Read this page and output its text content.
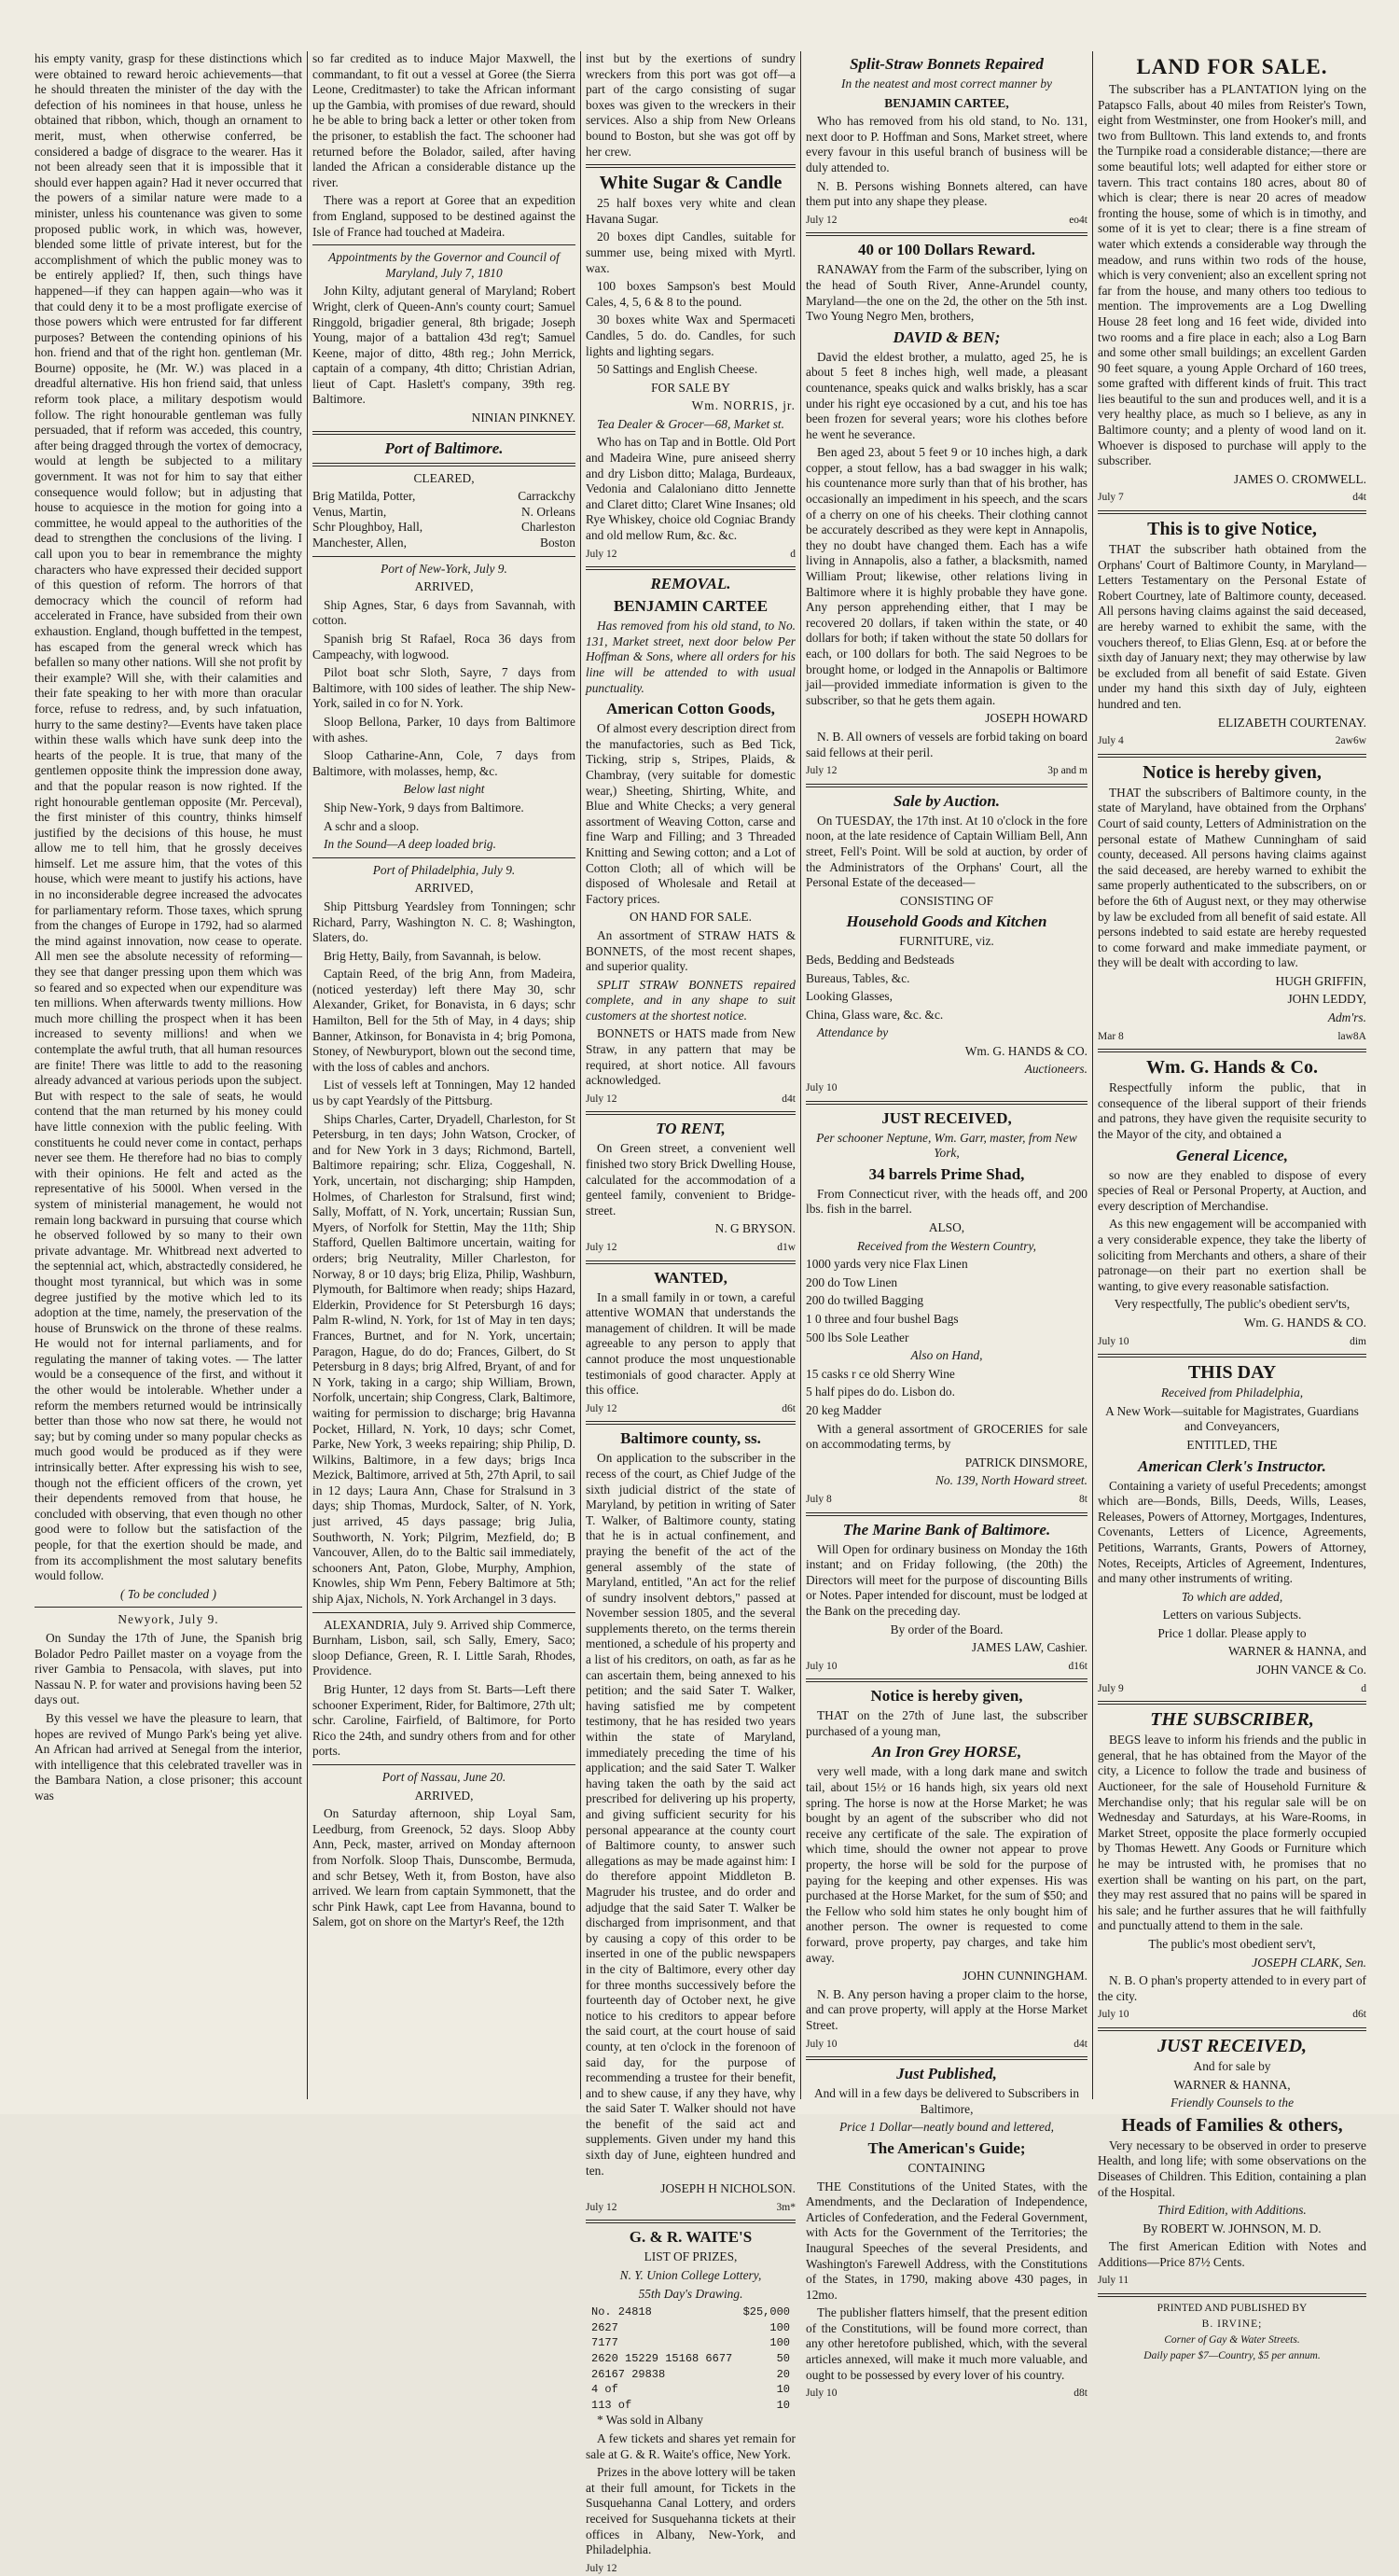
his empty vanity, grasp for these distinctions which were obtained to reward heroic achievements—that he should threaten the minister of the day with the defection of his nominees in that house, unless he obtained that ribbon, which, though an ornament to merit, must, when otherwise conferred, be considered a badge of disgrace to the wearer. Has it not been already seen that it is impossible that it should ever happen again? Had it never occurred that the powers of a similar nature were made to a minister, unless his countenance was given to some proposed public work, in which was, however, blended some little of private interest, but for the accomplishment of which the public money was to be entirely applied? If, then, such things have happened—if they can happen again—who was it that could deny it to be a most profligate exercise of those powers which were entrusted for far different purposes? Between the contending opinions of his hon. friend and that of the right hon. gentleman (Mr. Bourne) opposite, he (Mr. W.) was placed in a dreadful alternative. His hon friend said, that unless reform took place, a military despotism would follow. The right honourable gentleman was fully persuaded, that if reform was acceded, this country, after being dragged through the vortex of democracy, would at length be subjected to a military government. It was not for him to say that either consequence would follow; but in adjusting that house to acquiesce in the motion for going into a committee, he would appeal to the authorities of the dead to strengthen the conclusions of the living. I call upon you to bear in remembrance the mighty characters who have expressed their decided support of this question of reform. The horrors of that democracy which the council of reform had accelerated in France, have subsided from their own exhaustion. England, though buffetted in the tempest, has escaped from the general wreck which has befallen so many other nations. Will she not profit by their example? Will she, with their calamities and their fate speaking to her with more than oracular force, refuse to redress, and, by such infatuation, hurry to the same destiny?—Events have taken place within these walls which have sunk deep into the hearts of the people. It is true, that many of the gentlemen opposite think the impression done away, and that the popular reason is now righted. If the right honourable gentleman opposite (Mr. Perceval), the first minister of this country, thinks himself justified by the decisions of this house, he must allow me to tell him, that he grossly deceives himself. Let me assure him, that the votes of this house, which were meant to justify his actions, have in no inconsiderable degree increased the advocates for parliamentary reform. Those taxes, which sprung from the changes of Europe in 1792, had so alarmed the mind against innovation, now cease to operate. All men see the absolute necessity of reforming—they see that danger pressing upon them which was so feared and so expected when our expenditure was ten millions. When afterwards twenty millions. How much more chilling the prospect when it has been increased to seventy millions! and when we contemplate the awful truth, that all human resources are finite! There was little to add to the reasoning already advanced at various periods upon the subject. But with respect to the sale of seats, he would contend that the man returned by his money could have little connexion with the public feeling. With constituents he could never come in contact, perhaps never see them. He therefore had no bias to comply with their opinions. He felt and acted as the representative of his 5000l. When versed in the system of ministerial management, he would not remain long backward in pursuing that course which he observed followed by so many to their own private advantage. Mr. Whitbread next adverted to the septennial act, which, abstractedly considered, he thought most tyrannical, but which was in some degree justified by the motive which led to its adoption at the time, namely, the preservation of the house of Brunswick on the throne of these realms. He would not for internal parliaments, and for regulating the manner of taking votes. — The latter would be a consequence of the first, and without it the other would be intolerable. Whether under a reform the members returned would be intrinsically better than those who now sat there, he would not say; but by coming under so many popular checks as much good would be produced as if they were intrinsically better. After expressing his wish to see, though not the efficient officers of the crown, yet their dependents removed from that house, he concluded with observing, that even though no other good were to follow but the satisfaction of the people, for that the exertion should be made, and from its accomplishment the most salutary benefits would follow.

( To be concluded )

Newyork, July 9.

On Sunday the 17th of June, the Spanish brig Bolador Pedro Paillet master on a voyage from the river Gambia to Pensacola, with slaves, put into Nassau N. P. for water and provisions having been 52 days out.

By this vessel we have the pleasure to learn, that hopes are revived of Mungo Park's being yet alive. An African had arrived at Senegal from the interior, with intelligence that this celebrated traveller was in the Bambara Nation, a close prisoner; this account was

so far credited as to induce Major Maxwell, the commandant, to fit out a vessel at Goree (the Sierra Leone, Creditmaster) to take the African informant up the Gambia, with promises of due reward, should he be able to bring back a letter or other token from the prisoner, to establish the fact. The schooner had returned before the Bolador, sailed, after having landed the African a considerable distance up the river.

There was a report at Goree that an expedition from England, supposed to be destined against the Isle of France had touched at Madeira.

Appointments by the Governor and Council of Maryland, July 7, 1810

John Kilty, adjutant general of Maryland; Robert Wright, clerk of Queen-Ann's county court; Samuel Ringgold, brigadier general, 8th brigade; Joseph Young, major of a battalion 43d reg't; Samuel Keene, major of ditto, 48th reg.; John Merrick, captain of a company, 4th ditto; Christian Adrian, lieut of Capt. Haslett's company, 39th reg. Baltimore.

NINIAN PINKNEY.

Port of Baltimore.

CLEARED,

Brig Matilda, Potter,	Carrackchy
Venus, Martin,	N. Orleans
Schr Ploughboy, Hall,	Charleston
Manchester, Allen,	Boston

Port of New-York, July 9.

ARRIVED,

Ship Agnes, Star, 6 days from Savannah, with cotton.

Spanish brig St Rafael, Roca 36 days from Campeachy, with logwood.

Pilot boat schr Sloth, Sayre, 7 days from Baltimore, with 100 sides of leather. The ship New-York, sailed in co for N. York.

Sloop Bellona, Parker, 10 days from Baltimore with ashes.

Sloop Catharine-Ann, Cole, 7 days from Baltimore, with molasses, hemp, &c.

Below last night

Ship New-York, 9 days from Baltimore.

A schr and a sloop.

In the Sound—A deep loaded brig.

Port of Philadelphia, July 9.

ARRIVED,

Ship Pittsburg Yeardsley from Tonningen; schr Richard, Parry, Washington N. C. 8; Washington, Slaters, do.

Brig Hetty, Baily, from Savannah, is below.

Captain Reed, of the brig Ann, from Madeira, (noticed yesterday) left there May 30, schr Alexander, Griket, for Bonavista, in 6 days; schr Hamilton, Bell for the 5th of May, in 4 days; ship Banner, Atkinson, for Bonavista in 4; brig Pomona, Stoney, of Newburyport, blown out the second time, with the loss of cables and anchors.

List of vessels left at Tonningen, May 12 handed us by capt Yeardsly of the Pittsburg.

Ships Charles, Carter, Dryadell, Charleston, for St Petersburg, in ten days; John Watson, Crocker, of and for New York in 3 days; Richmond, Bartell, Baltimore repairing; schr. Eliza, Coggeshall, N. York, uncertain, not discharging; ship Hampden, Holmes, of Charleston for Stralsund, first wind; Sally, Moffatt, of N. York, uncertain; Russian Sun, Myers, of Norfolk for Stettin, May the 11th; Ship Stafford, Quellen Baltimore uncertain, waiting for orders; brig Neutrality, Miller Charleston, for Norway, 8 or 10 days; brig Eliza, Philip, Washburn, Plymouth, for Baltimore when ready; ships Hazard, Elderkin, Providence for St Petersburgh 16 days; Palm R-wlind, N. York, for 1st of May in ten days; Frances, Burtnet, and for N. York, uncertain; Paragon, Hague, do do do; Frances, Gilbert, do St Petersburg in 8 days; brig Alfred, Bryant, of and for N York, taking in a cargo; ship William, Brown, Norfolk, uncertain; ship Congress, Clark, Baltimore, waiting for permission to discharge; brig Havanna Pocket, Hillard, N. York, 10 days; schr Comet, Parke, New York, 3 weeks repairing; ship Philip, D. Wilkins, Baltimore, in a few days; brigs Inca Mezick, Baltimore, arrived at 5th, 27th April, to sail in 12 days; Laura Ann, Chase for Stralsund in 3 days; ship Thomas, Murdock, Salter, of N. York, just arrived, 45 days passage; brig Julia, Southworth, N. York; Pilgrim, Mezfield, do; B Vancouver, Allen, do to the Baltic sail immediately, schooners Ant, Paton, Globe, Murphy, Amphion, Knowles, ship Wm Penn, Febery Baltimore at 5th; ship Ajax, Nichols, N. York Archangel in 3 days.

ALEXANDRIA, July 9. Arrived ship Commerce, Burnham, Lisbon, sail, sch Sally, Emery, Saco; sloop Defiance, Green, R. I. Little Sarah, Rhodes, Providence.

Brig Hunter, 12 days from St. Barts—Left there schooner Experiment, Rider, for Baltimore, 27th ult; schr. Caroline, Fairfield, of Baltimore, for Porto Rico the 24th, and sundry others from and for other ports.

Port of Nassau, June 20.

ARRIVED,

On Saturday afternoon, ship Loyal Sam, Leedburg, from Greenock, 52 days. Sloop Abby Ann, Peck, master, arrived on Monday afternoon from Norfolk. Sloop Thais, Dunscombe, Bermuda, and schr Betsey, Weth it, from Boston, have also arrived. We learn from captain Symmonett, that the schr Pink Hawk, capt Lee from Havanna, bound to Salem, got on shore on the Martyr's Reef, the 12th

inst but by the exertions of sundry wreckers from this port was got off—a part of the cargo consisting of sugar boxes was given to the wreckers in their services. Also a ship from New Orleans bound to Boston, but she was got off by her crew.

White Sugar & Candle

25 half boxes very white and clean Havana Sugar.

20 boxes dipt Candles, suitable for summer use, being mixed with Myrtl. wax.

100 boxes Sampson's best Mould Cales, 4, 5, 6 & 8 to the pound.

30 boxes white Wax and Spermaceti Candles, 5 do. do. Candles, for such lights and lighting segars.

50 Sattings and English Cheese.

FOR SALE BY

Wm. NORRIS, jr.

Tea Dealer & Grocer—68, Market st.

Who has on Tap and in Bottle. Old Port and Madeira Wine, pure aniseed sherry and dry Lisbon ditto; Malaga, Burdeaux, Vedonia and Calaloniano ditto Jennette and Claret ditto; Claret Wine Insanes; old Rye Whiskey, choice old Cogniac Brandy and old mellow Rum, &c. &c.

July 12	d

REMOVAL.

BENJAMIN CARTEE

Has removed from his old stand, to No. 131, Market street, next door below Per Hoffman & Sons, where all orders for his line will be attended to with usual punctuality.

American Cotton Goods,

Of almost every description direct from the manufactories, such as Bed Tick, Ticking, strip s, Stripes, Plaids, & Chambray, (very suitable for domestic wear,) Sheeting, Shirting, White, and Blue and White Checks; a very general assortment of Weaving Cotton, carse and fine Warp and Filling; and 3 Threaded Knitting and Sewing cotton; and a Lot of Cotton Cloth; all of which will be disposed of Wholesale and Retail at Factory prices.

ON HAND FOR SALE.

An assortment of STRAW HATS & BONNETS, of the most recent shapes, and superior quality.

SPLIT STRAW BONNETS repaired complete, and in any shape to suit customers at the shortest notice.

BONNETS or HATS made from New Straw, in any pattern that may be required, at short notice. All favours acknowledged.

July 12	d4t

TO RENT,

On Green street, a convenient well finished two story Brick Dwelling House, calculated for the accommodation of a genteel family, convenient to Bridge-street.

N. G BRYSON.

July 12	d1w

WANTED,

In a small family in or town, a careful attentive WOMAN that understands the management of children. It will be made agreeable to any person to apply that cannot produce the most unquestionable testimonials of good character. Apply at this office.

July 12	d6t

Baltimore county, ss.

On application to the subscriber in the recess of the court, as Chief Judge of the sixth judicial district of the state of Maryland, by petition in writing of Sater T. Walker, of Baltimore county, stating that he is in actual confinement, and praying the benefit of the act of the general assembly of the state of Maryland, entitled, "An act for the relief of sundry insolvent debtors," passed at November session 1805, and the several supplements thereto, on the terms therein mentioned, a schedule of his property and a list of his creditors, on oath, as far as he can ascertain them, being annexed to his petition; and the said Sater T. Walker, having satisfied me by competent testimony, that he has resided two years within the state of Maryland, immediately preceding the time of his application; and the said Sater T. Walker having taken the oath by the said act prescribed for delivering up his property, and giving sufficient security for his personal appearance at the county court of Baltimore county, to answer such allegations as may be made against him: I do therefore appoint Middleton B. Magruder his trustee, and do order and adjudge that the said Sater T. Walker be discharged from imprisonment, and that by causing a copy of this order to be inserted in one of the public newspapers in the city of Baltimore, every other day for three months successively before the fourteenth day of October next, he give notice to his creditors to appear before the said court, at the court house of said county, at ten o'clock in the forenoon of said day, for the purpose of recommending a trustee for their benefit, and to shew cause, if any they have, why the said Sater T. Walker should not have the benefit of the said act and supplements. Given under my hand this sixth day of June, eighteen hundred and ten.

JOSEPH H NICHOLSON.

July 12	3m*

G. & R. WAITE'S

LIST OF PRIZES,

N. Y. Union College Lottery,

55th Day's Drawing.

No. 24818	$25,000
2627	100
7177	100
2620 15229 15168 6677	50
26167 29838	20
4 of	10
113 of	10

* Was sold in Albany

A few tickets and shares yet remain for sale at G. & R. Waite's office, New York.

Prizes in the above lottery will be taken at their full amount, for Tickets in the Susquehanna Canal Lottery, and orders received for Susquehanna tickets at their offices in Albany, New-York, and Philadelphia.

July 12

Split-Straw Bonnets Repaired

In the neatest and most correct manner by

BENJAMIN CARTEE,

Who has removed from his old stand, to No. 131, next door to P. Hoffman and Sons, Market street, where every favour in this useful branch of business will be duly attended to.

N. B. Persons wishing Bonnets altered, can have them put into any shape they please.

July 12	eo4t

40 or 100 Dollars Reward.

RANAWAY from the Farm of the subscriber, lying on the head of South River, Anne-Arundel county, Maryland—the one on the 2d, the other on the 5th inst. Two Young Negro Men, brothers,

DAVID & BEN;

David the eldest brother, a mulatto, aged 25, he is about 5 feet 8 inches high, well made, a pleasant countenance, speaks quick and walks briskly, has a scar under his right eye occasioned by a cut, and his toe has been frozen for several years; wore his clothes before he went he severance.

Ben aged 23, about 5 feet 9 or 10 inches high, a dark copper, a stout fellow, has a bad swagger in his walk; his countenance more surly than that of his brother, has occasionally an impediment in his speech, and the scars of a cherry on one of his cheeks. Their clothing cannot be accurately described as they were kept in Annapolis, they no doubt have changed them. Each has a wife living in Annapolis, also a father, a blacksmith, named William Prout; likewise, other relations living in Baltimore where it is highly probable they have gone. Any person apprehending either, that I may be recovered 20 dollars, if taken within the state, or 40 dollars for both; if taken without the state 50 dollars for each, or 100 dollars for both. The said Negroes to be brought home, or lodged in the Annapolis or Baltimore jail—provided immediate information is given to the subscriber, so that he gets them again.

JOSEPH HOWARD

N. B. All owners of vessels are forbid taking on board said fellows at their peril.

July 12	3p and m

Sale by Auction.

On TUESDAY, the 17th inst. At 10 o'clock in the fore noon, at the late residence of Captain William Bell, Ann street, Fell's Point. Will be sold at auction, by order of the Administrators of the Orphans' Court, all the Personal Estate of the deceased—

CONSISTING OF

Household Goods and Kitchen

FURNITURE, viz.

Beds, Bedding and Bedsteads

Bureaus, Tables, &c.

Looking Glasses,

China, Glass ware, &c. &c.

Attendance by

Wm. G. HANDS & CO.

Auctioneers.

July 10

JUST RECEIVED,

Per schooner Neptune, Wm. Garr, master, from New York,

34 barrels Prime Shad,

From Connecticut river, with the heads off, and 200 lbs. fish in the barrel.

ALSO,

Received from the Western Country,

1000 yards very nice Flax Linen

200 do Tow Linen

200 do twilled Bagging

1 0 three and four bushel Bags

500 lbs Sole Leather

Also on Hand,

15 casks r ce old Sherry Wine

5 half pipes do do. Lisbon do.

20 keg Madder

With a general assortment of GROCERIES for sale on accommodating terms, by

PATRICK DINSMORE,

No. 139, North Howard street.

July 8	8t

The Marine Bank of Baltimore.

Will Open for ordinary business on Monday the 16th instant; and on Friday following, (the 20th) the Directors will meet for the purpose of discounting Bills or Notes. Paper intended for discount, must be lodged at the Bank on the preceding day.

By order of the Board.

JAMES LAW, Cashier.

July 10	d16t

Notice is hereby given,

THAT on the 27th of June last, the subscriber purchased of a young man,

An Iron Grey HORSE,

very well made, with a long dark mane and switch tail, about 15½ or 16 hands high, six years old next spring. The horse is now at the Horse Market; he was bought by an agent of the subscriber who did not receive any certificate of the sale. The expiration of which time, should the owner not appear to prove property, the horse will be sold for the purpose of paying for the keeping and other expenses. His was purchased at the Horse Market, for the sum of $50; and the Fellow who sold him states he only bought him of another person. The owner is requested to come forward, prove property, pay charges, and take him away.

JOHN CUNNINGHAM.

N. B. Any person having a proper claim to the horse, and can prove property, will apply at the Horse Market Street.

July 10	d4t

Just Published,

And will in a few days be delivered to Subscribers in Baltimore,

Price 1 Dollar—neatly bound and lettered,

The American's Guide;

CONTAINING

THE Constitutions of the United States, with the Amendments, and the Declaration of Independence, Articles of Confederation, and the Federal Government, with Acts for the Government of the Territories; the Inaugural Speeches of the several Presidents, and Washington's Farewell Address, with the Constitutions of the States, in 1790, making above 430 pages, in 12mo.

The publisher flatters himself, that the present edition of the Constitutions, will be found more correct, than any other heretofore published, which, with the several articles annexed, will make it much more valuable, and ought to be possessed by every lover of his country.

July 10	d8t

LAND FOR SALE.

The subscriber has a PLANTATION lying on the Patapsco Falls, about 40 miles from Reister's Town, eight from Westminster, one from Hooker's mill, and two from Bulltown. This land extends to, and fronts the Turnpike road a considerable distance;—there are some beautiful lots; well adapted for either store or tavern. This tract contains 180 acres, about 80 of which is clear; there is near 20 acres of meadow fronting the house, some of which is in timothy, and some of it is yet to clear; there is a fine stream of water which extends a considerable way through the meadow, and runs within two rods of the house, which is very convenient; also an excellent spring not far from the house, and many others too tedious to mention. The improvements are a Log Dwelling House 28 feet long and 16 feet wide, divided into two rooms and a fire place in each; also a Log Barn and some other small buildings; an excellent Garden 90 feet square, a young Apple Orchard of 160 trees, some grafted with different kinds of fruit. This tract lies beautiful to the sun and produces well, and it is a very healthy place, as much so I believe, as any in Baltimore county; and a plenty of wood land on it. Whoever is disposed to purchase will apply to the subscriber.

JAMES O. CROMWELL.

July 7	d4t

This is to give Notice,

THAT the subscriber hath obtained from the Orphans' Court of Baltimore County, in Maryland—Letters Testamentary on the Personal Estate of Robert Courtney, late of Baltimore county, deceased. All persons having claims against the said deceased, are hereby warned to exhibit the same, with the vouchers thereof, to Elias Glenn, Esq. at or before the sixth day of January next; they may otherwise by law be excluded from all benefit of said Estate. Given under my hand this sixth day of July, eighteen hundred and ten.

ELIZABETH COURTENAY.

July 4	2aw6w

Notice is hereby given,

THAT the subscribers of Baltimore county, in the state of Maryland, have obtained from the Orphans' Court of said county, Letters of Administration on the personal estate of Mathew Cunningham of said county, deceased. All persons having claims against the said deceased, are hereby warned to exhibit the same properly authenticated to the subscribers, on or before the 6th of August next, or they may otherwise by law be excluded from all benefit of said estate. All persons indebted to said estate are hereby requested to come forward and make immediate payment, or they will be dealt with according to law.

HUGH GRIFFIN,

JOHN LEDDY,

Adm'rs.

Mar 8	law8A

Wm. G. Hands & Co.

Respectfully inform the public, that in consequence of the liberal support of their friends and patrons, they have given the requisite security to the Mayor of the city, and obtained a

General Licence,

so now are they enabled to dispose of every species of Real or Personal Property, at Auction, and every description of Merchandise.

As this new engagement will be accompanied with a very considerable expence, they take the liberty of soliciting from Merchants and others, a share of their patronage—on their part no exertion shall be wanting, to give every reasonable satisfaction.

Very respectfully, The public's obedient serv'ts,

Wm. G. HANDS & CO.

July 10	dim

THIS DAY

Received from Philadelphia,

A New Work—suitable for Magistrates, Guardians and Conveyancers,

ENTITLED, THE

American Clerk's Instructor.

Containing a variety of useful Precedents; amongst which are—Bonds, Bills, Deeds, Wills, Leases, Releases, Powers of Attorney, Mortgages, Indentures, Covenants, Letters of Licence, Agreements, Petitions, Warrants, Grants, Powers of Attorney, Notes, Receipts, Articles of Agreement, Indentures, and many other instruments of writing.

To which are added,

Letters on various Subjects.

Price 1 dollar. Please apply to

WARNER & HANNA, and

JOHN VANCE & Co.

July 9	d

THE SUBSCRIBER,

BEGS leave to inform his friends and the public in general, that he has obtained from the Mayor of the city, a Licence to follow the trade and business of Auctioneer, for the sale of Household Furniture & Merchandise only; that his regular sale will be on Wednesday and Saturdays, at his Ware-Rooms, in Market Street, opposite the place formerly occupied by Thomas Hewett. Any Goods or Furniture which he may be intrusted with, he promises that no exertion shall be wanting on his part, on the part, they may rest assured that no pains will be spared in his sale; and he further assures that he will faithfully and punctually attend to them in the sale.

The public's most obedient serv't,

JOSEPH CLARK, Sen.

N. B. O phan's property attended to in every part of the city.

July 10	d6t

JUST RECEIVED,

And for sale by

WARNER & HANNA,

Friendly Counsels to the

Heads of Families & others,

Very necessary to be observed in order to preserve Health, and long life; with some observations on the Diseases of Children. This Edition, containing a plan of the Hospital.

Third Edition, with Additions.

By ROBERT W. JOHNSON, M. D.

The first American Edition with Notes and Additions—Price 87½ Cents.

July 11

PRINTED AND PUBLISHED BY

B. IRVINE;

Corner of Gay & Water Streets.

Daily paper $7—Country, $5 per annum.
